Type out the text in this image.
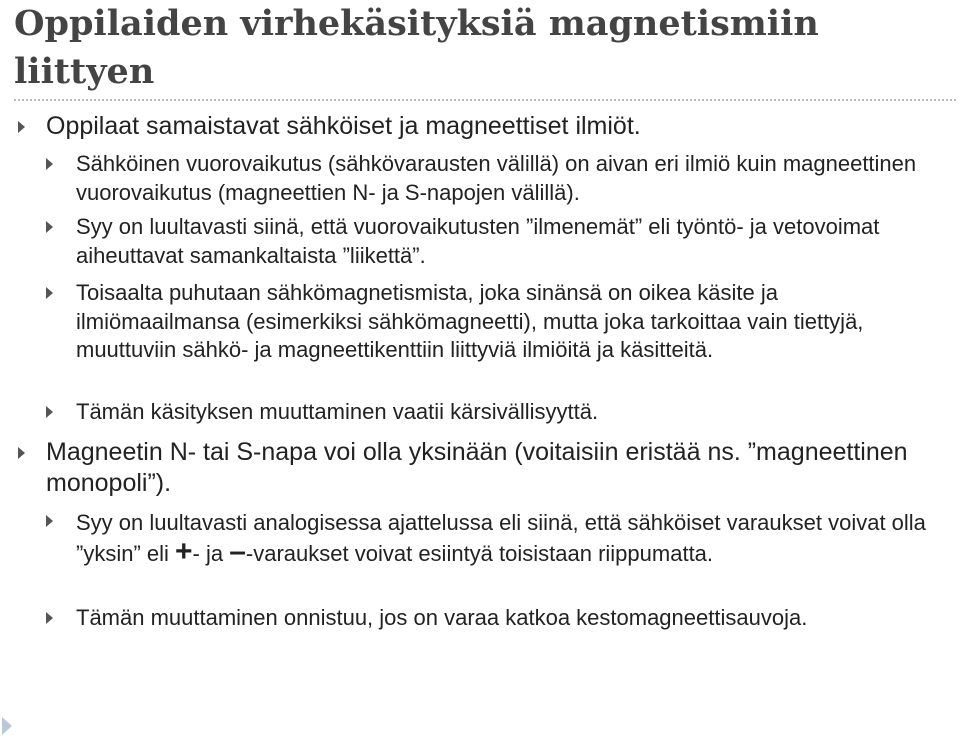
Oppilaiden virhekäsityksiä magnetismiin liittyen
Oppilaat samaistavat sähköiset ja magneettiset ilmiöt.
Sähköinen vuorovaikutus (sähkövarausten välillä) on aivan eri ilmiö kuin magneettinen vuorovaikutus (magneettien N- ja S-napojen välillä).
Syy on luultavasti siinä, että vuorovaikutusten ”ilmenemät” eli työntö- ja vetovoimat aiheuttavat samankaltaista ”liikettä”.
Toisaalta puhutaan sähkömagnetismista, joka sinänsä on oikea käsite ja ilmiömaailmansa (esimerkiksi sähkömagneetti), mutta joka tarkoittaa vain tiettyjä, muuttuviin sähkö- ja magneettikenttiin liittyviä ilmiöitä ja käsitteitä.
Tämän käsityksen muuttaminen vaatii kärsivällisyyttä.
Magneetin N- tai S-napa voi olla yksinään (voitaisiin eristää ns. ”magneettinen monopoli”).
Syy on luultavasti analogisessa ajattelussa eli siinä, että sähköiset varaukset voivat olla ”yksin” eli +- ja –-varaukset voivat esiintyä toisistaan riippumatta.
Tämän muuttaminen onnistuu, jos on varaa katkoa kestomagneettisauvoja.
